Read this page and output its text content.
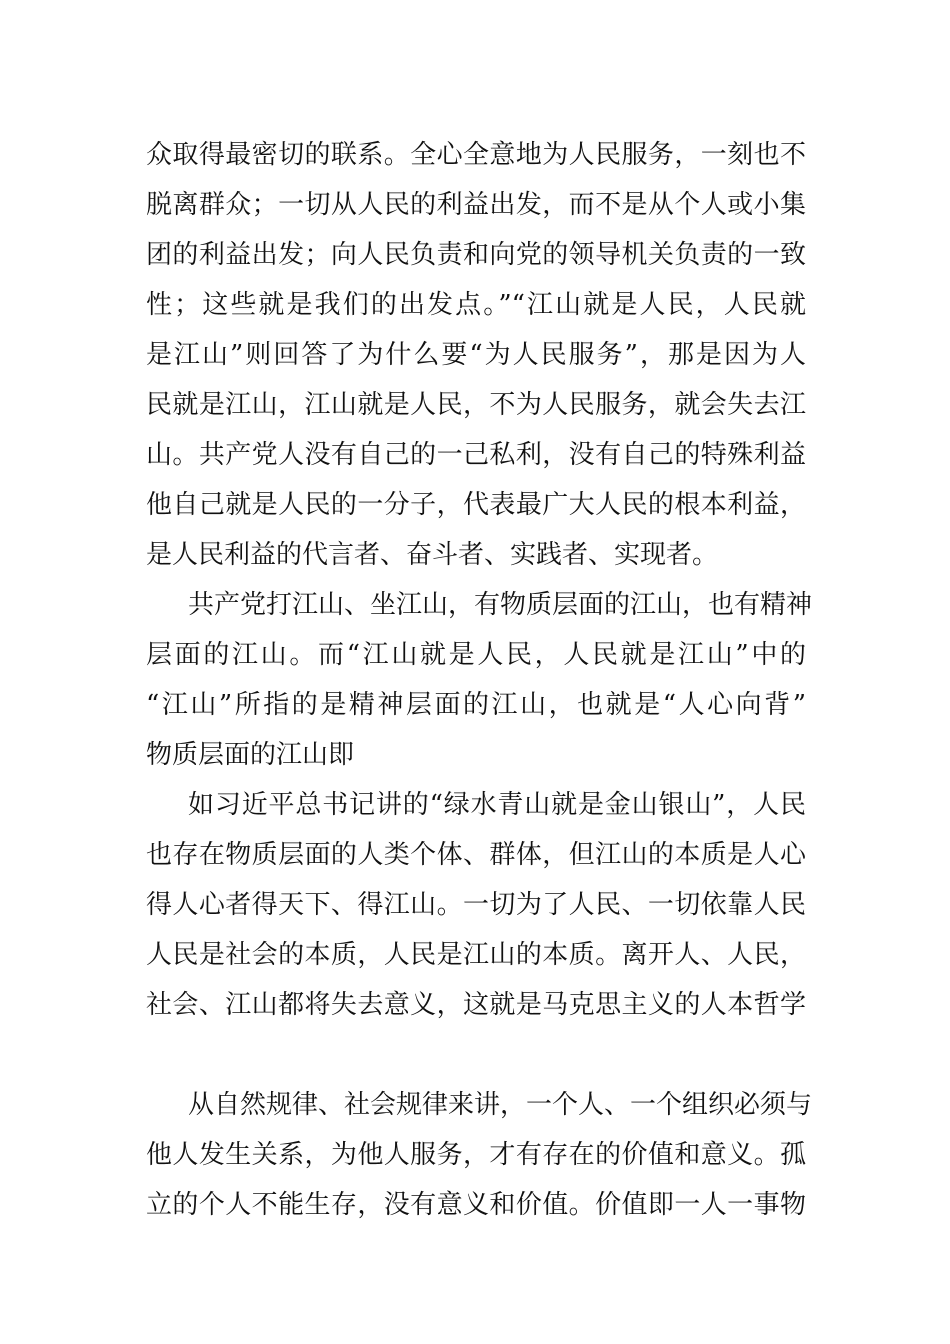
众取得最密切的联系。全心全意地为人民服务，一刻也不
脱离群众；一切从人民的利益出发，而不是从个人或小集
团的利益出发；向人民负责和向党的领导机关负责的一致
性；这些就是我们的出发点。”“江山就是人民，人民就
是江山”则回答了为什么要“为人民服务”，那是因为人
民就是江山，江山就是人民，不为人民服务，就会失去江
山。共产党人没有自己的一己私利，没有自己的特殊利益
他自己就是人民的一分子，代表最广大人民的根本利益，
是人民利益的代言者、奋斗者、实践者、实现者。
共产党打江山、坐江山，有物质层面的江山，也有精神
层面的江山。而“江山就是人民，人民就是江山”中的
“江山”所指的是精神层面的江山，也就是“人心向背”
物质层面的江山即
如习近平总书记讲的“绿水青山就是金山银山”，人民
也存在物质层面的人类个体、群体，但江山的本质是人心
得人心者得天下、得江山。一切为了人民、一切依靠人民
人民是社会的本质，人民是江山的本质。离开人、人民，
社会、江山都将失去意义，这就是马克思主义的人本哲学
从自然规律、社会规律来讲，一个人、一个组织必须与
他人发生关系，为他人服务，才有存在的价值和意义。孤
立的个人不能生存，没有意义和价值。价值即一人一事物
